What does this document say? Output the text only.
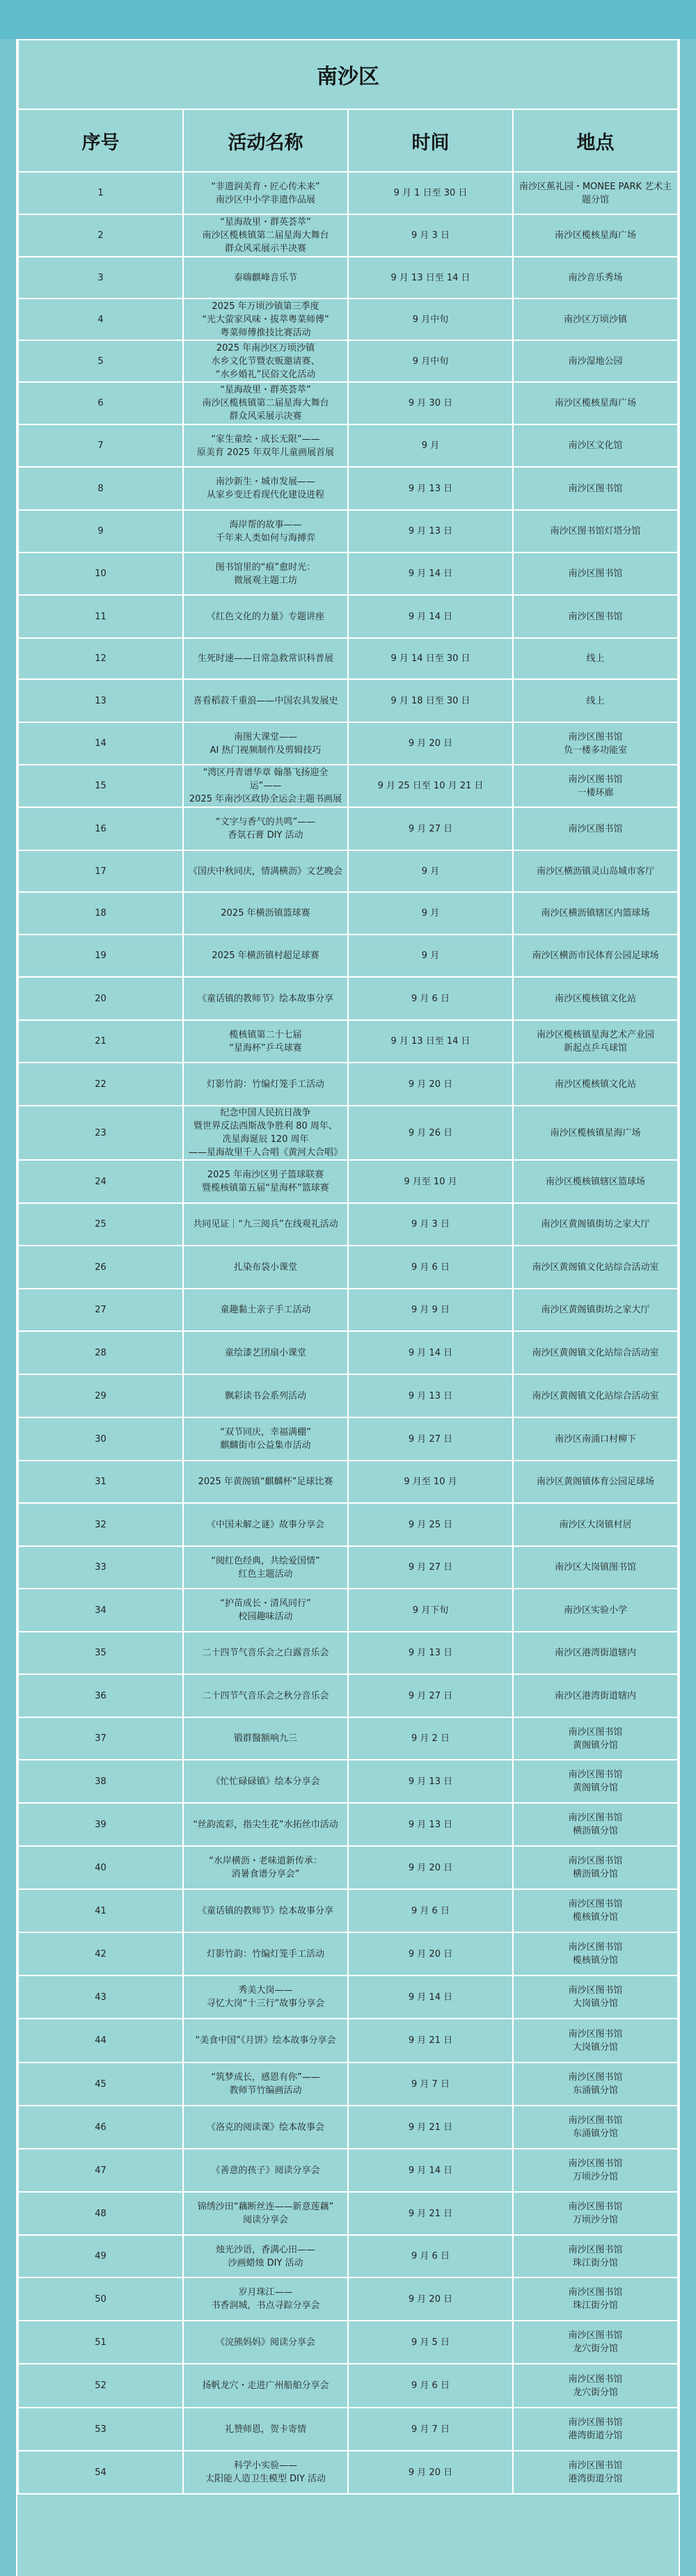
南沙区			
序号	活动名称	时间	地点
1	“非遗润美育・匠心传未来”
南沙区中小学非遗作品展	9 月 1 日至 30 日	南沙区蕉礼园・MONEE PARK 艺术主题分馆
2	“星海故里・群英荟萃”
南沙区榄核镇第二届星海大舞台
群众风采展示半决赛	9 月 3 日	南沙区榄核星海广场
3	泰嗨麒峰音乐节	9 月 13 日至 14 日	南沙音乐秀场
4	2025 年万顷沙镇第三季度
“光大萤家风味・拔萃粤菜师傅”
粤菜师傅推技比赛活动	9 月中旬	南沙区万顷沙镇
5	2025 年南沙区万顷沙镇
水乡文化节暨农贩邀请赛、
“水乡婚礼”民俗文化活动	9 月中旬	南沙湿地公园
6	“星海故里・群英荟萃”
南沙区榄核镇第二届星海大舞台
群众风采展示决赛	9 月 30 日	南沙区榄核星海广场
7	“家生童绘・成长无限”——
原美育 2025 年双年儿童画展首展	9 月	南沙区文化馆
8	南沙新生・城市发展——
从家乡变迁看现代化建设进程	9 月 13 日	南沙区图书馆
9	海岸帮的故事——
千年来人类如何与海搏弈	9 月 13 日	南沙区图书馆灯塔分馆
10	图书馆里的“痕”愈时光：
微展观主题工坊	9 月 14 日	南沙区图书馆
11	《红色文化的力量》专题讲座	9 月 14 日	南沙区图书馆
12	生死时速——日常急救常识科普展	9 月 14 日至 30 日	线上
13	喜看稻菽千重浪——中国农具发展史	9 月 18 日至 30 日	线上
14	南图大课堂——
AI 热门视频制作及剪辑技巧	9 月 20 日	南沙区图书馆
负一楼多功能室
15	“湾区丹青谱华章 翰墨飞扬迎全运”——
2025 年南沙区政协全运会主题书画展	9 月 25 日至 10 月 21 日	南沙区图书馆
一楼环廊
16	“文字与香气的共鸣”——
香氛石膏 DIY 活动	9 月 27 日	南沙区图书馆
17	《国庆中秋同庆，情满横沥》文艺晚会	9 月	南沙区横沥镇灵山岛城市客厅
18	2025 年横沥镇篮球赛	9 月	南沙区横沥镇辖区内篮球场
19	2025 年横沥镇村超足球赛	9 月	南沙区横沥市民体育公园足球场
20	《童话镇的教师节》绘本故事分享	9 月 6 日	南沙区榄核镇文化站
21	榄核镇第二十七届
“星海杯”乒乓球赛	9 月 13 日至 14 日	南沙区榄核镇星海艺术产业园
新起点乒乓球馆
22	灯影竹韵：竹编灯笼手工活动	9 月 20 日	南沙区榄核镇文化站
23	纪念中国人民抗日战争
暨世界反法西斯战争胜利 80 周年、
冼星海诞辰 120 周年
——星海故里千人合唱《黄河大合唱》	9 月 26 日	南沙区榄核镇星海广场
24	2025 年南沙区男子篮球联赛
暨榄核镇第五届“星海杯”篮球赛	9 月至 10 月	南沙区榄核镇辖区篮球场
25	共同见证｜“九三阅兵”在线观礼活动	9 月 3 日	南沙区黄阁镇街坊之家大厅
26	扎染布袋小课堂	9 月 6 日	南沙区黄阁镇文化站综合活动室
27	童趣黏土亲子手工活动	9 月 9 日	南沙区黄阁镇街坊之家大厅
28	童绘漆艺团扇小课堂	9 月 14 日	南沙区黄阁镇文化站综合活动室
29	飘彩读书会系列活动	9 月 13 日	南沙区黄阁镇文化站综合活动室
30	“双节同庆，幸福满棚”
麒麟街市公益集市活动	9 月 27 日	南沙区南涌口村柳下
31	2025 年黄阁镇“麒麟杯”足球比赛	9 月至 10 月	南沙区黄阁镇体育公园足球场
32	《中国未解之谜》故事分享会	9 月 25 日	南沙区大岗镇村居
33	“阅红色经典，共绘爱国情”
红色主题活动	9 月 27 日	南沙区大岗镇图书馆
34	“护苗成长・清风同行”
校园趣味活动	9 月下旬	南沙区实验小学
35	二十四节气音乐会之白露音乐会	9 月 13 日	南沙区港湾街道辖内
36	二十四节气音乐会之秋分音乐会	9 月 27 日	南沙区港湾街道辖内
37	锻群醫额响九三	9 月 2 日	南沙区图书馆
黄阁镇分馆
38	《忙忙碌碌镇》绘本分享会	9 月 13 日	南沙区图书馆
黄阁镇分馆
39	“丝韵流彩，指尖生花”水拓丝巾活动	9 月 13 日	南沙区图书馆
横沥镇分馆
40	“水岸横沥・老味道新传承：
消暑食谱分享会”	9 月 20 日	南沙区图书馆
横沥镇分馆
41	《童话镇的教师节》绘本故事分享	9 月 6 日	南沙区图书馆
榄核镇分馆
42	灯影竹韵：竹编灯笼手工活动	9 月 20 日	南沙区图书馆
榄核镇分馆
43	秀美大岗——
寻忆大岗“十三行”故事分享会	9 月 14 日	南沙区图书馆
大岗镇分馆
44	“美食中国”《月饼》绘本故事分享会	9 月 21 日	南沙区图书馆
大岗镇分馆
45	“筑梦成长，感恩有你”——
教师节竹编画活动	9 月 7 日	南沙区图书馆
东涌镇分馆
46	《洛克的阅读课》绘本故事会	9 月 21 日	南沙区图书馆
东涌镇分馆
47	《善意的孩子》阅读分享会	9 月 14 日	南沙区图书馆
万顷沙分馆
48	锦绣沙田“藕断丝连——新意莲藕”
阅读分享会	9 月 21 日	南沙区图书馆
万顷沙分馆
49	烛光沙语，香满心田——
沙画蜡烛 DIY 活动	9 月 6 日	南沙区图书馆
珠江街分馆
50	岁月珠江——
书香润城，书点寻踪分享会	9 月 20 日	南沙区图书馆
珠江街分馆
51	《浣熊妈妈》阅读分享会	9 月 5 日	南沙区图书馆
龙穴街分馆
52	扬帆龙穴・走进广州船舶分享会	9 月 6 日	南沙区图书馆
龙穴街分馆
53	礼赞师恩，贺卡寄情	9 月 7 日	南沙区图书馆
港湾街道分馆
54	科学小实验——
太阳能人造卫生模型 DIY 活动	9 月 20 日	南沙区图书馆
港湾街道分馆
